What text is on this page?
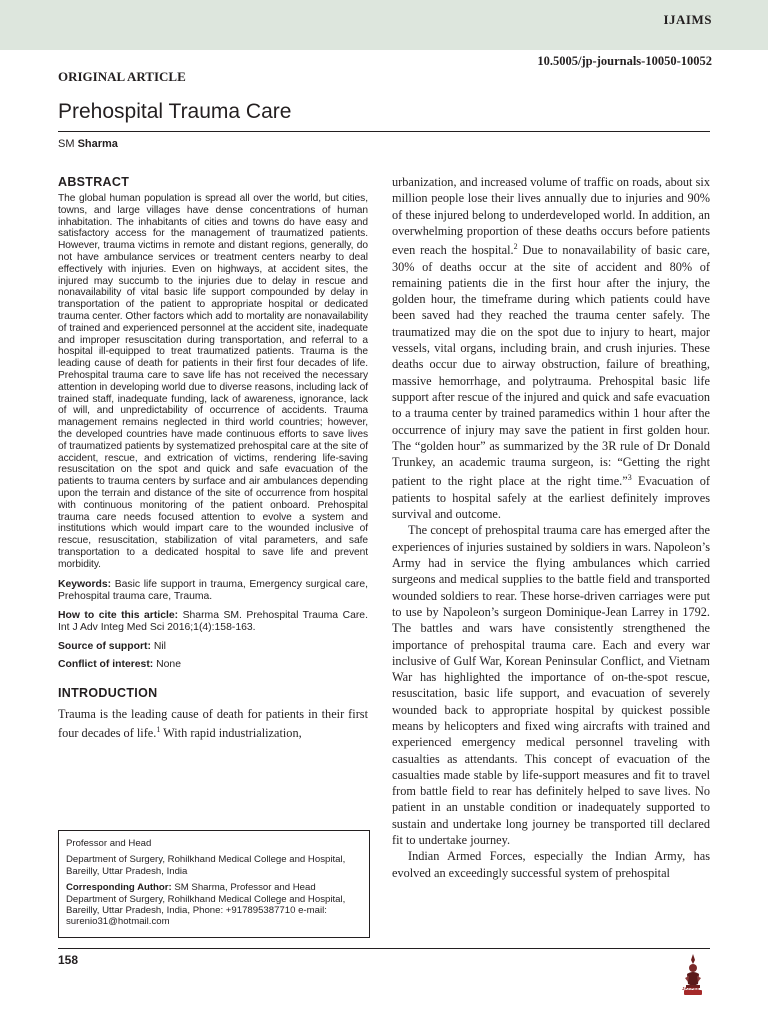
IJAIMS
10.5005/jp-journals-10050-10052
ORIGINAL ARTICLE
Prehospital Trauma Care
SM Sharma
ABSTRACT

The global human population is spread all over the world, but cities, towns, and large villages have dense concentrations of human inhabitation. The inhabitants of cities and towns do have easy and satisfactory access for the management of traumatized patients. However, trauma victims in remote and distant regions, generally, do not have ambulance services or treatment centers nearby to deal effectively with injuries. Even on highways, at accident sites, the injured may succumb to the injuries due to delay in rescue and nonavailability of vital basic life support compounded by delay in transportation of the patient to appropriate hospital or dedicated trauma center. Other factors which add to mortality are nonavailability of trained and experienced personnel at the accident site, inadequate and improper resuscitation during transportation, and referral to a hospital ill-equipped to treat traumatized patients. Trauma is the leading cause of death for patients in their first four decades of life. Prehospital trauma care to save life has not received the necessary attention in developing world due to diverse reasons, including lack of trained staff, inadequate funding, lack of awareness, ignorance, lack of will, and unpredictability of occurrence of accidents. Trauma management remains neglected in third world countries; however, the developed countries have made continuous efforts to save lives of traumatized patients by systematized prehospital care at the site of accident, rescue, and extrication of victims, rendering life-saving resuscitation on the spot and quick and safe evacuation of the patients to trauma centers by surface and air ambulances depending upon the terrain and distance of the site of occurrence from hospital with continuous monitoring of the patient onboard. Prehospital trauma care needs focused attention to evolve a system and institutions which would impart care to the wounded inclusive of rescue, resuscitation, stabilization of vital parameters, and safe transportation to a dedicated hospital to save life and prevent morbidity.

Keywords: Basic life support in trauma, Emergency surgical care, Prehospital trauma care, Trauma.

How to cite this article: Sharma SM. Prehospital Trauma Care. Int J Adv Integ Med Sci 2016;1(4):158-163.

Source of support: Nil

Conflict of interest: None

INTRODUCTION

Trauma is the leading cause of death for patients in their first four decades of life.$^1$ With rapid industrialization,

Professor and Head

Department of Surgery, Rohilkhand Medical College and Hospital, Bareilly, Uttar Pradesh, India

Corresponding Author: SM Sharma, Professor and Head Department of Surgery, Rohilkhand Medical College and Hospital, Bareilly, Uttar Pradesh, India, Phone: +917895387710 e-mail: surenio31@hotmail.com

urbanization, and increased volume of traffic on roads, about six million people lose their lives annually due to injuries and 90% of these injured belong to underdeveloped world. In addition, an overwhelming proportion of these deaths occurs before patients even reach the hospital.$^2$ Due to nonavailability of basic care, 30% of deaths occur at the site of accident and 80% of remaining patients die in the first hour after the injury, the golden hour, the timeframe during which patients could have been saved had they reached the trauma center safely. The traumatized may die on the spot due to injury to heart, major vessels, vital organs, including brain, and crush injuries. These deaths occur due to airway obstruction, failure of breathing, massive hemorrhage, and polytrauma. Prehospital basic life support after rescue of the injured and quick and safe evacuation to a trauma center by trained paramedics within 1 hour after the occurrence of injury may save the patient in first golden hour. The “golden hour” as summarized by the 3R rule of Dr Donald Trunkey, an academic trauma surgeon, is: “Getting the right patient to the right place at the right time.”$^3$ Evacuation of patients to hospital safely at the earliest definitely improves survival and outcome.

The concept of prehospital trauma care has emerged after the experiences of injuries sustained by soldiers in wars. Napoleon’s Army had in service the flying ambulances which carried surgeons and medical supplies to the battle field and transported wounded soldiers to rear. These horse-driven carriages were put to use by Napoleon’s surgeon Dominique-Jean Larrey in 1792. The battles and wars have consistently strengthened the importance of prehospital trauma care. Each and every war inclusive of Gulf War, Korean Peninsular Conflict, and Vietnam War has highlighted the importance of on-the-spot rescue, resuscitation, basic life support, and evacuation of severely wounded back to appropriate hospital by quickest possible means by helicopters and fixed wing aircrafts with trained and experienced emergency medical personnel traveling with casualties as attendants. This concept of evacuation of the casualties made stable by life-support measures and fit to travel from battle field to rear has definitely helped to save lives. No patient in an unstable condition or inadequately supported to sustain and undertake long journey be transported till declared fit to undertake journey.

Indian Armed Forces, especially the Indian Army, has evolved an exceedingly successful system of prehospital

158
JAYPEE
